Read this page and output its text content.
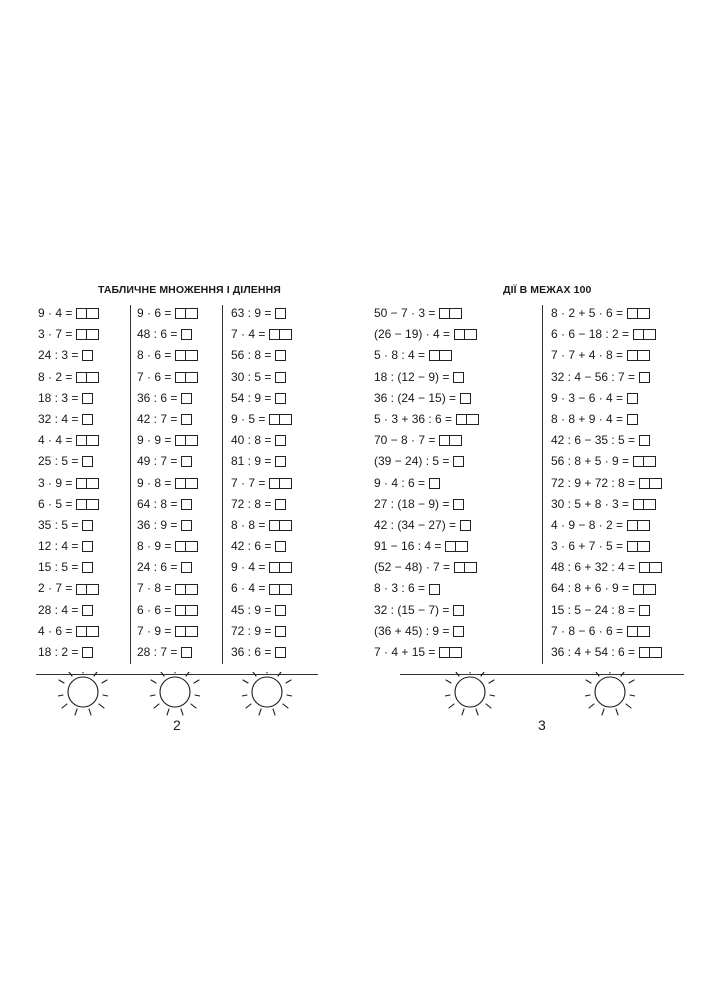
ТАБЛИЧНЕ МНОЖЕННЯ І ДІЛЕННЯ
9 · 4 =
3 · 7 =
24 : 3 =
8 · 2 =
18 : 3 =
32 : 4 =
4 · 4 =
25 : 5 =
3 · 9 =
6 · 5 =
35 : 5 =
12 : 4 =
15 : 5 =
2 · 7 =
28 : 4 =
4 · 6 =
18 : 2 =
9 · 6 =
48 : 6 =
8 · 6 =
7 · 6 =
36 : 6 =
42 : 7 =
9 · 9 =
49 : 7 =
9 · 8 =
64 : 8 =
36 : 9 =
8 · 9 =
24 : 6 =
7 · 8 =
6 · 6 =
7 · 9 =
28 : 7 =
63 : 9 =
7 · 4 =
56 : 8 =
30 : 5 =
54 : 9 =
9 · 5 =
40 : 8 =
81 : 9 =
7 · 7 =
72 : 8 =
8 · 8 =
42 : 6 =
9 · 4 =
6 · 4 =
45 : 9 =
72 : 9 =
36 : 6 =
2
ДІЇ В МЕЖАХ 100
50 − 7 · 3 =
(26 − 19) · 4 =
5 · 8 : 4 =
18 : (12 − 9) =
36 : (24 − 15) =
5 · 3 + 36 : 6 =
70 − 8 · 7 =
(39 − 24) : 5 =
9 · 4 : 6 =
27 : (18 − 9) =
42 : (34 − 27) =
91 − 16 : 4 =
(52 − 48) · 7 =
8 · 3 : 6 =
32 : (15 − 7) =
(36 + 45) : 9 =
7 · 4 + 15 =
8 · 2 + 5 · 6 =
6 · 6 − 18 : 2 =
7 · 7 + 4 · 8 =
32 : 4 − 56 : 7 =
9 · 3 − 6 · 4 =
8 · 8 + 9 · 4 =
42 : 6 − 35 : 5 =
56 : 8 + 5 · 9 =
72 : 9 + 72 : 8 =
30 : 5 + 8 · 3 =
4 · 9 − 8 · 2 =
3 · 6 + 7 · 5 =
48 : 6 + 32 : 4 =
64 : 8 + 6 · 9 =
15 : 5 − 24 : 8 =
7 · 8 − 6 · 6 =
36 : 4 + 54 : 6 =
3
